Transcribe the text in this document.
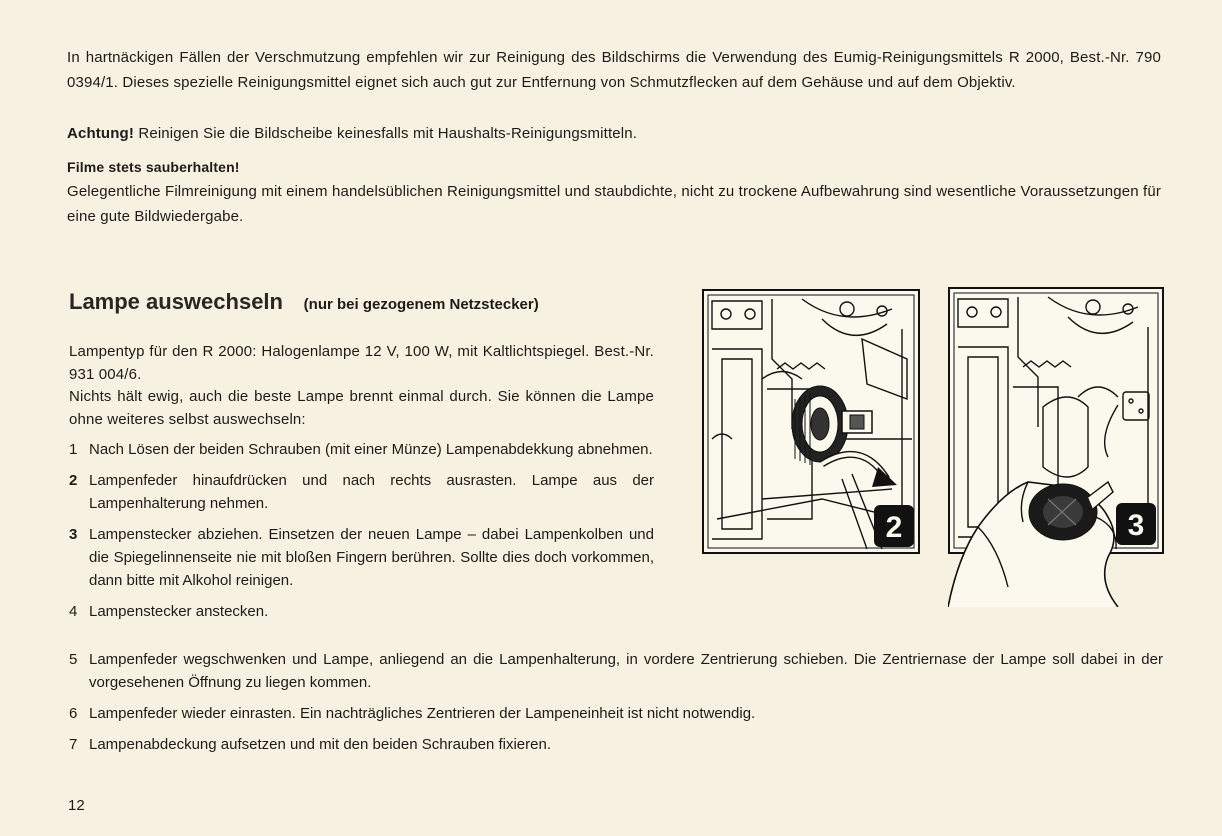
In hartnäckigen Fällen der Verschmutzung empfehlen wir zur Reinigung des Bildschirms die Verwendung des Eumig-Reinigungsmittels R 2000, Best.-Nr. 790 0394/1. Dieses spezielle Reinigungsmittel eignet sich auch gut zur Entfernung von Schmutzflecken auf dem Gehäuse und auf dem Objektiv.

Achtung! Reinigen Sie die Bildscheibe keinesfalls mit Haushalts-Reinigungsmitteln.

Filme stets sauberhalten!

Gelegentliche Filmreinigung mit einem handelsüblichen Reinigungsmittel und staubdichte, nicht zu trockene Aufbewahrung sind wesentliche Voraussetzungen für eine gute Bildwiedergabe.

Lampe auswechseln (nur bei gezogenem Netzstecker)

Lampentyp für den R 2000: Halogenlampe 12 V, 100 W, mit Kaltlichtspiegel. Best.-Nr. 931 004/6.

Nichts hält ewig, auch die beste Lampe brennt einmal durch. Sie können die Lampe ohne weiteres selbst auswechseln:

1 Nach Lösen der beiden Schrauben (mit einer Münze) Lampenabdekkung abnehmen.
2 Lampenfeder hinaufdrücken und nach rechts ausrasten. Lampe aus der Lampenhalterung nehmen.
3 Lampenstecker abziehen. Einsetzen der neuen Lampe – dabei Lampenkolben und die Spiegelinnenseite nie mit bloßen Fingern berühren. Sollte dies doch vorkommen, dann bitte mit Alkohol reinigen.
4 Lampenstecker anstecken.
5 Lampenfeder wegschwenken und Lampe, anliegend an die Lampenhalterung, in vordere Zentrierung schieben. Die Zentriernase der Lampe soll dabei in der vorgesehenen Öffnung zu liegen kommen.
6 Lampenfeder wieder einrasten. Ein nachträgliches Zentrieren der Lampeneinheit ist nicht notwendig.
7 Lampenabdeckung aufsetzen und mit den beiden Schrauben fixieren.
2	3
12
